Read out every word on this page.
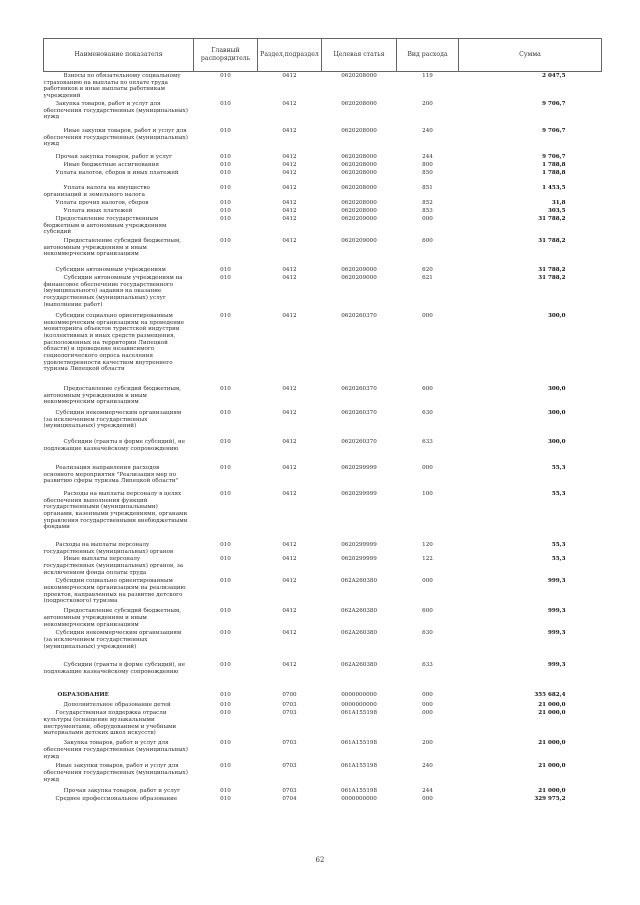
Наименование показателя	Главный распорядитель	Раздел,подраздел	Целевая статья	Вид расхода	Сумма
Взносы по обязательному социальному страхованию на выплаты по оплате труда работников и иные выплаты работникам учреждений	010	0412	0620208000	119	2 047,5
Закупка товаров, работ и услуг для обеспечения государственных (муниципальных) нужд	010	0412	0620208000	200	9 706,7
Иные закупки товаров, работ и услуг для обеспечения государственных (муниципальных) нужд	010	0412	0620208000	240	9 706,7
Прочая закупка товаров, работ и услуг	010	0412	0620208000	244	9 706,7
Иные бюджетные ассигнования	010	0412	0620208000	800	1 788,8
Уплата налогов, сборов и иных платежей	010	0412	0620208000	850	1 788,8
Уплата налога на имущество организаций и земельного налога	010	0412	0620208000	851	1 453,5
Уплата прочих налогов, сборов	010	0412	0620208000	852	31,8
Уплата иных платежей	010	0412	0620208000	853	303,5
Предоставление государственным бюджетным и автономным учреждениям субсидий	010	0412	0620209000	000	31 788,2
Предоставление субсидий бюджетным, автономным учреждениям и иным некоммерческим организациям	010	0412	0620209000	600	31 788,2
Субсидии автономным учреждениям	010	0412	0620209000	620	31 788,2
Субсидии автономным учреждениям на финансовое обеспечение государственного (муниципального) задания на оказание государственных (муниципальных) услуг (выполнение работ)	010	0412	0620209000	621	31 788,2
Субсидии социально ориентированным некоммерческим организациям на проведение мониторинга объектов туристской индустрии (коллективных и иных средств размещения, расположенных на территории Липецкой области) и проведение независимого социологического опроса населения удовлетворенности качеством внутреннего туризма Липецкой области	010	0412	0620260370	000	300,0
Предоставление субсидий бюджетным, автономным учреждениям и иным некоммерческим организациям	010	0412	0620260370	600	300,0
Субсидии некоммерческим организациям (за исключением государственных (муниципальных) учреждений)	010	0412	0620260370	630	300,0
Субсидии (гранты в форме субсидий), не подлежащие казначейскому сопровождению	010	0412	0620260370	633	300,0
Реализация направления расходов основного мероприятия "Реализация мер по развитию сферы туризма Липецкой области"	010	0412	0620299999	000	55,3
Расходы на выплаты персоналу в целях обеспечения выполнения функций государственными (муниципальными) органами, казенными учреждениями, органами управления государственными внебюджетными фондами	010	0412	0620299999	100	55,3
Расходы на выплаты персоналу государственных (муниципальных) органов	010	0412	0620299999	120	55,3
Иные выплаты персоналу государственных (муниципальных) органов, за исключением фонда оплаты труда	010	0412	0620299999	122	55,3
Субсидии социально ориентированным некоммерческим организациям на реализацию проектов, направленных на развитие детского (подросткового) туризма	010	0412	062A260380	000	999,3
Предоставление субсидий бюджетным, автономным учреждениям и иным некоммерческим организациям	010	0412	062A260380	600	999,3
Субсидии некоммерческим организациям (за исключением государственных (муниципальных) учреждений)	010	0412	062A260380	630	999,3
Субсидии (гранты в форме субсидий), не подлежащие казначейскому сопровождению	010	0412	062A260380	633	999,3
ОБРАЗОВАНИЕ	010	0700	0000000000	000	355 682,4
Дополнительное образование детей	010	0703	0000000000	000	21 000,0
Государственная поддержка отрасли культуры (оснащение музыкальными инструментами, оборудованием и учебными материалами детских школ искусств)	010	0703	061A155198	000	21 000,0
Закупка товаров, работ и услуг для обеспечения государственных (муниципальных) нужд	010	0703	061A155198	200	21 000,0
Иные закупки товаров, работ и услуг для обеспечения государственных (муниципальных) нужд	010	0703	061A155198	240	21 000,0
Прочая закупка товаров, работ и услуг	010	0703	061A155198	244	21 000,0
Среднее профессиональное образование	010	0704	0000000000	000	329 975,2
62
